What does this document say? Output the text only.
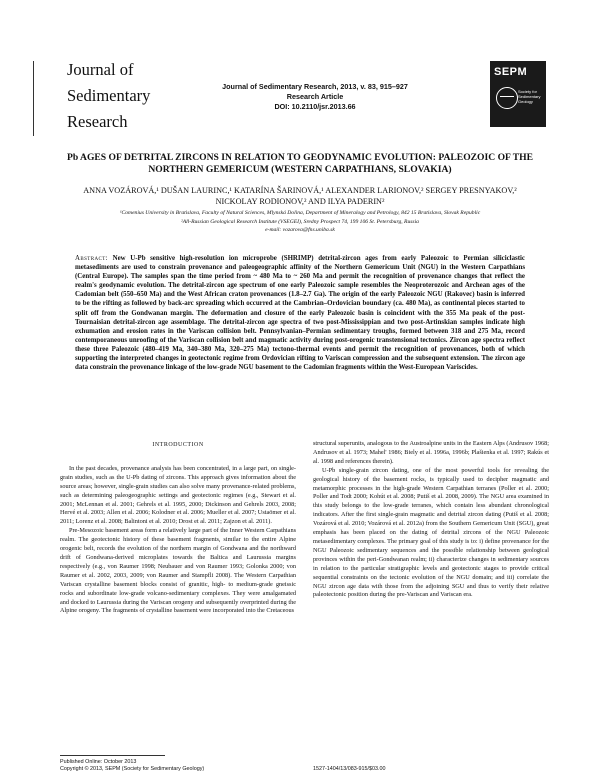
Journal of
Sedimentary
Research
Journal of Sedimentary Research, 2013, v. 83, 915–927
Research Article
DOI: 10.2110/jsr.2013.66
SEPM
Society for Sedimentary Geology
Pb AGES OF DETRITAL ZIRCONS IN RELATION TO GEODYNAMIC EVOLUTION: PALEOZOIC OF THE
NORTHERN GEMERICUM (WESTERN CARPATHIANS, SLOVAKIA)
ANNA VOZÁROVÁ,¹ DUŠAN LAURINC,¹ KATARÍNA ŠARINOVÁ,¹ ALEXANDER LARIONOV,² SERGEY PRESNYAKOV,²
NICKOLAY RODIONOV,² AND ILYA PADERIN²
¹Comenius University in Bratislava, Faculty of Natural Sciences, Mlynská Dolina, Department of Mineralogy and Petrology, 842 15 Bratislava, Slovak Republic
²All-Russian Geological Research Institute (VSEGEI), Sredny Prospect 74, 199 106 St. Petersburg, Russia
e-mail: vozarova@fns.uniba.sk
Abstract: New U-Pb sensitive high-resolution ion microprobe (SHRIMP) detrital-zircon ages from early Paleozoic to Permian siliciclastic metasediments are used to constrain provenance and paleogeographic affinity of the Northern Gemericum Unit (NGU) in the Western Carpathians (Central Europe). The samples span the time period from ~ 480 Ma to ~ 260 Ma and permit the recognition of provenance changes that reflect the realm's geodynamic evolution. The detrital-zircon age spectrum of one early Paleozoic sample resembles the Neoproterozoic and Archean ages of the Cadomian belt (550–650 Ma) and the West African craton provenances (1.8–2.7 Ga). The origin of the early Paleozoic NGU (Rakovec) basin is inferred to be the rifting as followed by back-arc spreading which occurred at the Cambrian–Ordovician boundary (ca. 480 Ma), as continental pieces started to split off from the Gondwanan margin. The deformation and closure of the early Paleozoic basin is coincident with the 355 Ma peak of the post-Tournaisian detrital-zircon age assemblage. The detrital-zircon age spectra of two post-Mississippian and two post-Artinskian samples indicate high exhumation and erosion rates in the Variscan collision belt. Pennsylvanian–Permian sedimentary troughs, formed between 318 and 275 Ma, record contemporaneous unroofing of the Variscan collision belt and magmatic activity during post-orogenic transtensional tectonics. Zircon age spectra reflect these three Paleozoic (480–419 Ma, 340–380 Ma, 320–275 Ma) tectono-thermal events and permit the recognition of provenances, both of which supporting the interpreted changes in geotectonic regime from Ordovician rifting to Variscan compression and the subsequent extension. The zircon age data constrain the provenance linkage of the low-grade NGU basement to the Cadomian fragments within the West-European Variscides.
INTRODUCTION

In the past decades, provenance analysis has been concentrated, in a large part, on single-grain studies, such as the U-Pb dating of zircons. This approach gives information about the source areas; however, single-grain studies can also solve many provenance-related problems, such as determining paleogeographic settings and geotectonic regimes (e.g., Stewart et al. 2001; McLennan et al. 2001; Gehrels et al. 1995, 2000; Dickinson and Gehrels 2003, 2008; Hervé et al. 2003; Allen et al. 2006; Kolodner et al. 2006; Mueller et al. 2007; Ustaömer et al. 2011; Lorenz et al. 2008; Balintoni et al. 2010; Drost et al. 2011; Zajzon et al. 2011).

Pre-Mesozoic basement areas form a relatively large part of the Inner Western Carpathians realm. The geotectonic history of these basement fragments, similar to the entire Alpine orogenic belt, records the evolution of the northern margin of Gondwana and the northward drift of Gondwana-derived microplates towards the Baltica and Laurussia margins respectively (e.g., von Raumer 1998; Neubauer and von Raumer 1993; Golonka 2000; von Raumer et al. 2002, 2003, 2009; von Raumer and Stampfli 2008). The Western Carpathian Variscan crystalline basement blocks consist of granitic, high- to medium-grade gneissic rocks and subordinate low-grade volcano-sedimentary complexes. They were amalgamated and docked to Laurussia during the Variscan orogeny and subsequently overprinted during the Alpine orogeny. The fragments of crystalline basement were incorporated into the Cretaceous

structural superunits, analogous to the Austroalpine units in the Eastern Alps (Andrusov 1968; Andrusov et al. 1973; Mahel' 1986; Biely et al. 1996a, 1996b; Plašienka et al. 1997; Rakús et al. 1998 and references therein).

U-Pb single-grain zircon dating, one of the most powerful tools for revealing the geological history of the basement rocks, is typically used to decipher magmatic and metamorphic processes in the high-grade Western Carpathian terranes (Poller et al. 2000; Poller and Todt 2000; Kohút et al. 2008; Putiš et al. 2008, 2009). The NGU area examined in this study belongs to the low-grade terranes, which contain less abundant chronological indicators. After the first single-grain magmatic and detrital zircon dating (Putiš et al. 2008; Vozárová et al. 2010; Vozárová et al. 2012a) from the Southern Gemericum Unit (SGU), great emphasis has been placed on the dating of detrital zircons of the NGU Paleozoic metasedimentary complexes. The primary goal of this study is to: i) define provenance for the NGU Paleozoic sedimentary sequences and the possible relationship between geological provinces within the peri-Gondwanan realm; ii) characterize changes in sedimentary sources in relation to the particular stratigraphic levels and geotectonic stages to provide critical sequential constraints on the tectonic evolution of the NGU domain; and iii) correlate the NGU zircon age data with those from the adjoining SGU and thus to verify their relative paleotectonic position during the pre-Variscan and Variscan era.

Published Online: October 2013
Copyright © 2013, SEPM (Society for Sedimentary Geology)	1527-1404/13/083-915/$03.00
